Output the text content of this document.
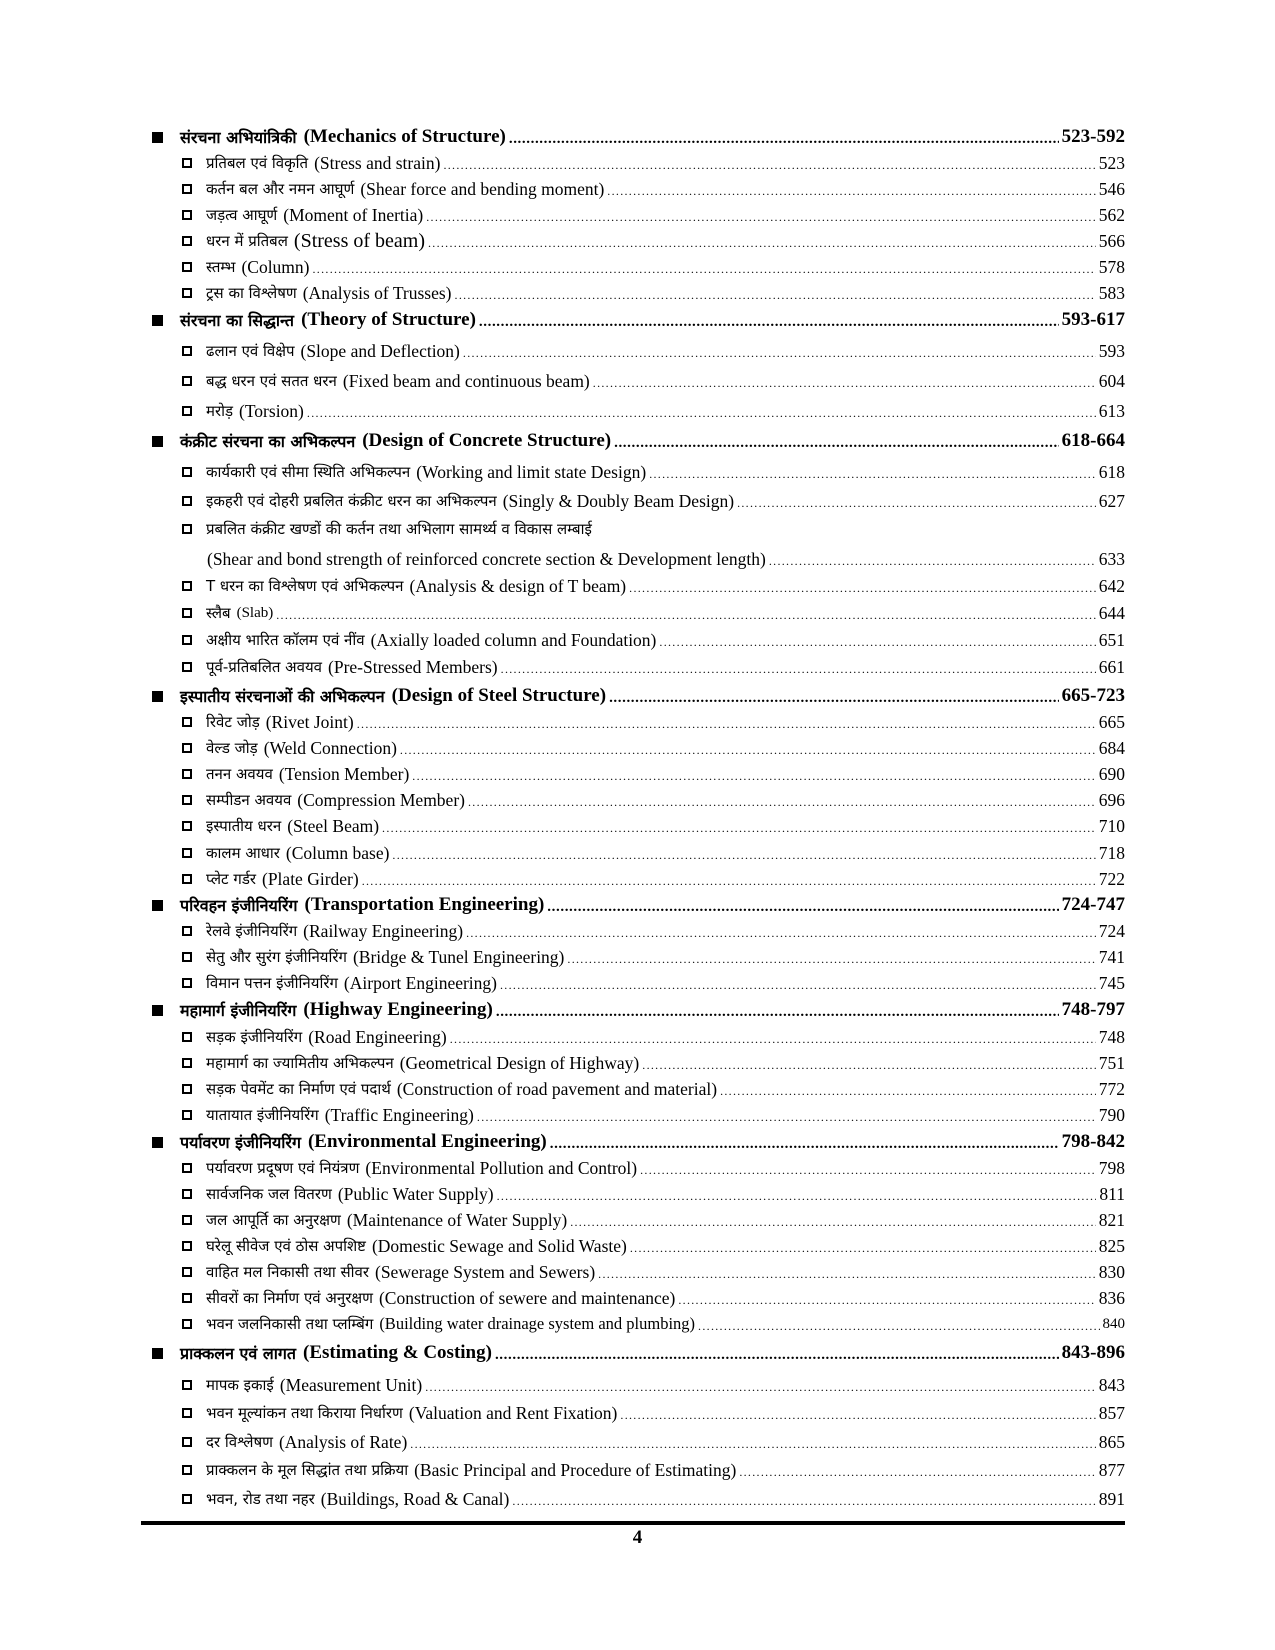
संरचना अभियांत्रिकी (Mechanics of Structure) .....	523-592
प्रतिबल एवं विकृति (Stress and strain) .....	523
कर्तन बल और नमन आघूर्ण (Shear force and bending moment) .....	546
जड़त्व आघूर्ण (Moment of Inertia) .....	562
धरन में प्रतिबल (Stress of beam) .....	566
स्तम्भ (Column) .....	578
ट्रस का विश्लेषण (Analysis of Trusses) .....	583
संरचना का सिद्धान्त (Theory of Structure) .....	593-617
ढलान एवं विक्षेप (Slope and Deflection) .....	593
बद्ध धरन एवं सतत धरन (Fixed beam and continuous beam) .....	604
मरोड़ (Torsion) .....	613
कंक्रीट संरचना का अभिकल्पन (Design of Concrete Structure) .....	618-664
कार्यकारी एवं सीमा स्थिति अभिकल्पन (Working and limit state Design) .....	618
इकहरी एवं दोहरी प्रबलित कंक्रीट धरन का अभिकल्पन (Singly & Doubly Beam Design) .....	627
प्रबलित कंक्रीट खण्डों की कर्तन तथा अभिलाग सामर्थ्य व विकास लम्बाई
(Shear and bond strength of reinforced concrete section & Development length) .....	633
T धरन का विश्लेषण एवं अभिकल्पन (Analysis & design of T beam) .....	642
स्लैब (Slab) .....	644
अक्षीय भारित कॉलम एवं नींव (Axially loaded column and Foundation) .....	651
पूर्व-प्रतिबलित अवयव (Pre-Stressed Members) .....	661
इस्पातीय संरचनाओं की अभिकल्पन (Design of Steel Structure) .....	665-723
रिवेट जोड़ (Rivet Joint) .....	665
वेल्ड जोड़ (Weld Connection) .....	684
तनन अवयव (Tension Member) .....	690
सम्पीडन अवयव (Compression Member) .....	696
इस्पातीय धरन (Steel Beam) .....	710
कालम आधार (Column base) .....	718
प्लेट गर्डर (Plate Girder) .....	722
परिवहन इंजीनियरिंग (Transportation Engineering) .....	724-747
रेलवे इंजीनियरिंग (Railway Engineering) .....	724
सेतु और सुरंग इंजीनियरिंग (Bridge & Tunel Engineering) .....	741
विमान पत्तन इंजीनियरिंग (Airport Engineering) .....	745
महामार्ग इंजीनियरिंग (Highway Engineering) .....	748-797
सड़क इंजीनियरिंग (Road Engineering) .....	748
महामार्ग का ज्यामितीय अभिकल्पन (Geometrical Design of Highway) .....	751
सड़क पेवमेंट का निर्माण एवं पदार्थ (Construction of road pavement and material) .....	772
यातायात इंजीनियरिंग (Traffic Engineering) .....	790
पर्यावरण इंजीनियरिंग (Environmental Engineering) .....	798-842
पर्यावरण प्रदूषण एवं नियंत्रण (Environmental Pollution and Control) .....	798
सार्वजनिक जल वितरण (Public Water Supply) .....	811
जल आपूर्ति का अनुरक्षण (Maintenance of Water Supply) .....	821
घरेलू सीवेज एवं ठोस अपशिष्ट (Domestic Sewage and Solid Waste) .....	825
वाहित मल निकासी तथा सीवर (Sewerage System and Sewers) .....	830
सीवरों का निर्माण एवं अनुरक्षण (Construction of sewere and maintenance) .....	836
भवन जलनिकासी तथा प्लम्बिंग (Building water drainage system and plumbing) .....	840
प्राक्कलन एवं लागत (Estimating & Costing) .....	843-896
मापक इकाई (Measurement Unit) .....	843
भवन मूल्यांकन तथा किराया निर्धारण (Valuation and Rent Fixation) .....	857
दर विश्लेषण (Analysis of Rate) .....	865
प्राक्कलन के मूल सिद्धांत तथा प्रक्रिया (Basic Principal and Procedure of Estimating) .....	877
भवन, रोड तथा नहर (Buildings, Road & Canal) .....	891
4
